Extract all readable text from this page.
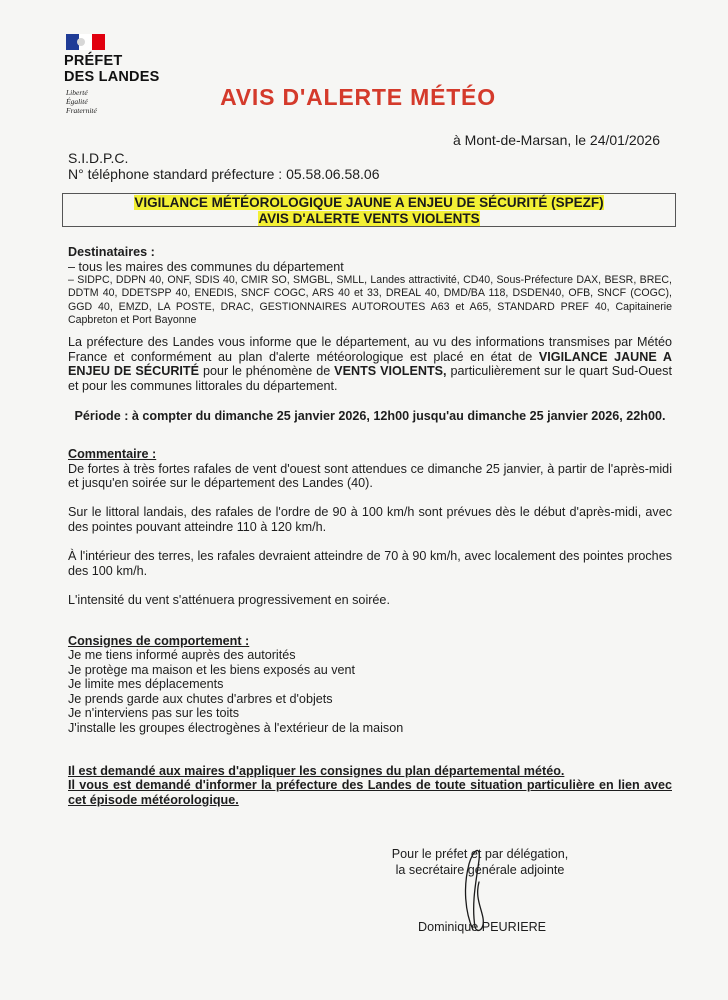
PRÉFET
DES LANDES
Liberté
Égalité
Fraternité
AVIS D'ALERTE MÉTÉO
à Mont-de-Marsan, le 24/01/2026
S.I.D.P.C.
N° téléphone standard préfecture : 05.58.06.58.06
VIGILANCE MÉTÉOROLOGIQUE JAUNE A ENJEU DE SÉCURITÉ (SPEZF)
AVIS D'ALERTE VENTS VIOLENTS

Destinataires :

– tous les maires des communes du département

– SIDPC, DDPN 40, ONF, SDIS 40, CMIR SO, SMGBL, SMLL, Landes attractivité, CD40, Sous-Préfecture DAX, BESR, BREC, DDTM 40, DDETSPP 40, ENEDIS, SNCF COGC, ARS 40 et 33, DREAL 40, DMD/BA 118, DSDEN40, OFB, SNCF (COGC), GGD 40, EMZD, LA POSTE, DRAC, GESTIONNAIRES AUTOROUTES A63 et A65, STANDARD PREF 40, Capitainerie Capbreton et Port Bayonne

La préfecture des Landes vous informe que le département, au vu des informations transmises par Météo France et conformément au plan d'alerte météorologique est placé en état de VIGILANCE JAUNE A ENJEU DE SÉCURITÉ pour le phénomène de VENTS VIOLENTS, particulièrement sur le quart Sud-Ouest et pour les communes littorales du département.

Période : à compter du dimanche 25 janvier 2026, 12h00 jusqu'au dimanche 25 janvier 2026, 22h00.

Commentaire :

De fortes à très fortes rafales de vent d'ouest sont attendues ce dimanche 25 janvier, à partir de l'après-midi et jusqu'en soirée sur le département des Landes (40).

Sur le littoral landais, des rafales de l'ordre de 90 à 100 km/h sont prévues dès le début d'après-midi, avec des pointes pouvant atteindre 110 à 120 km/h.

À l'intérieur des terres, les rafales devraient atteindre de 70 à 90 km/h, avec localement des pointes proches des 100 km/h.

L'intensité du vent s'atténuera progressivement en soirée.

Consignes de comportement :

Je me tiens informé auprès des autorités

Je protège ma maison et les biens exposés au vent

Je limite mes déplacements

Je prends garde aux chutes d'arbres et d'objets

Je n'interviens pas sur les toits

J'installe les groupes électrogènes à l'extérieur de la maison

Il est demandé aux maires d'appliquer les consignes du plan départemental météo.

Il vous est demandé d'informer la préfecture des Landes de toute situation particulière en lien avec cet épisode météorologique.

Pour le préfet et par délégation,
la secrétaire générale adjointe
Dominique PEURIERE
